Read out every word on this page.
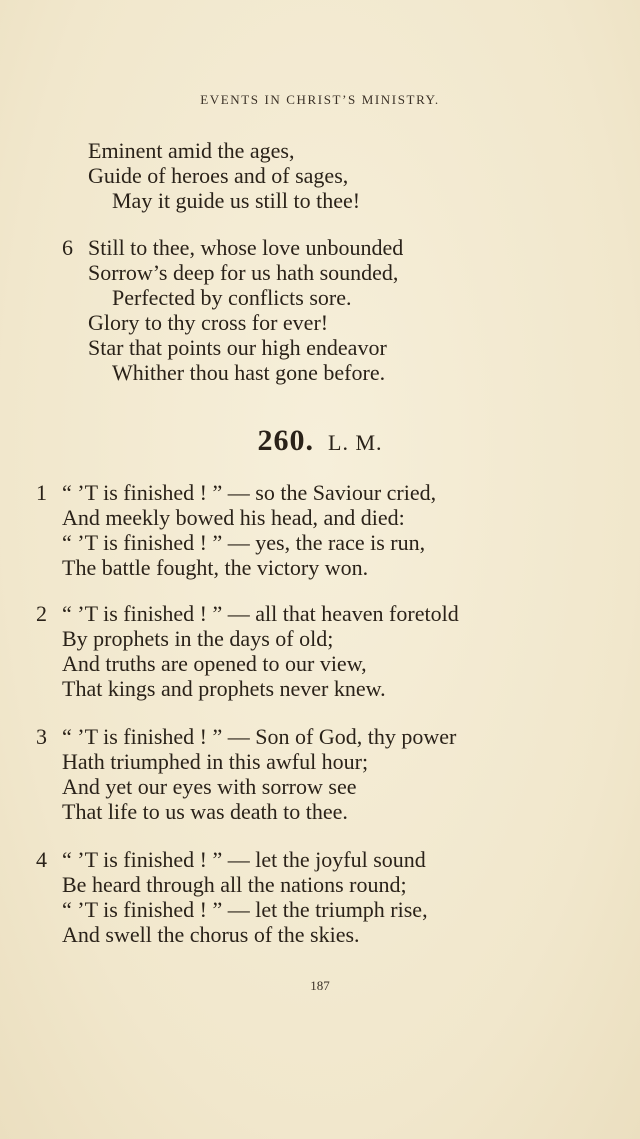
EVENTS IN CHRIST’S MINISTRY.
Eminent amid the ages,
Guide of heroes and of sages,
May it guide us still to thee!
6 Still to thee, whose love unbounded
Sorrow’s deep for us hath sounded,
Perfected by conflicts sore.
Glory to thy cross for ever!
Star that points our high endeavor
Whither thou hast gone before.
260. L. M.
1 “ ’T is finished ! ” — so the Saviour cried,
And meekly bowed his head, and died:
“ ’T is finished ! ” — yes, the race is run,
The battle fought, the victory won.
2 “ ’T is finished ! ” — all that heaven foretold
By prophets in the days of old;
And truths are opened to our view,
That kings and prophets never knew.
3 “ ’T is finished ! ” — Son of God, thy power
Hath triumphed in this awful hour;
And yet our eyes with sorrow see
That life to us was death to thee.
4 “ ’T is finished ! ” — let the joyful sound
Be heard through all the nations round;
“ ’T is finished ! ” — let the triumph rise,
And swell the chorus of the skies.
187
